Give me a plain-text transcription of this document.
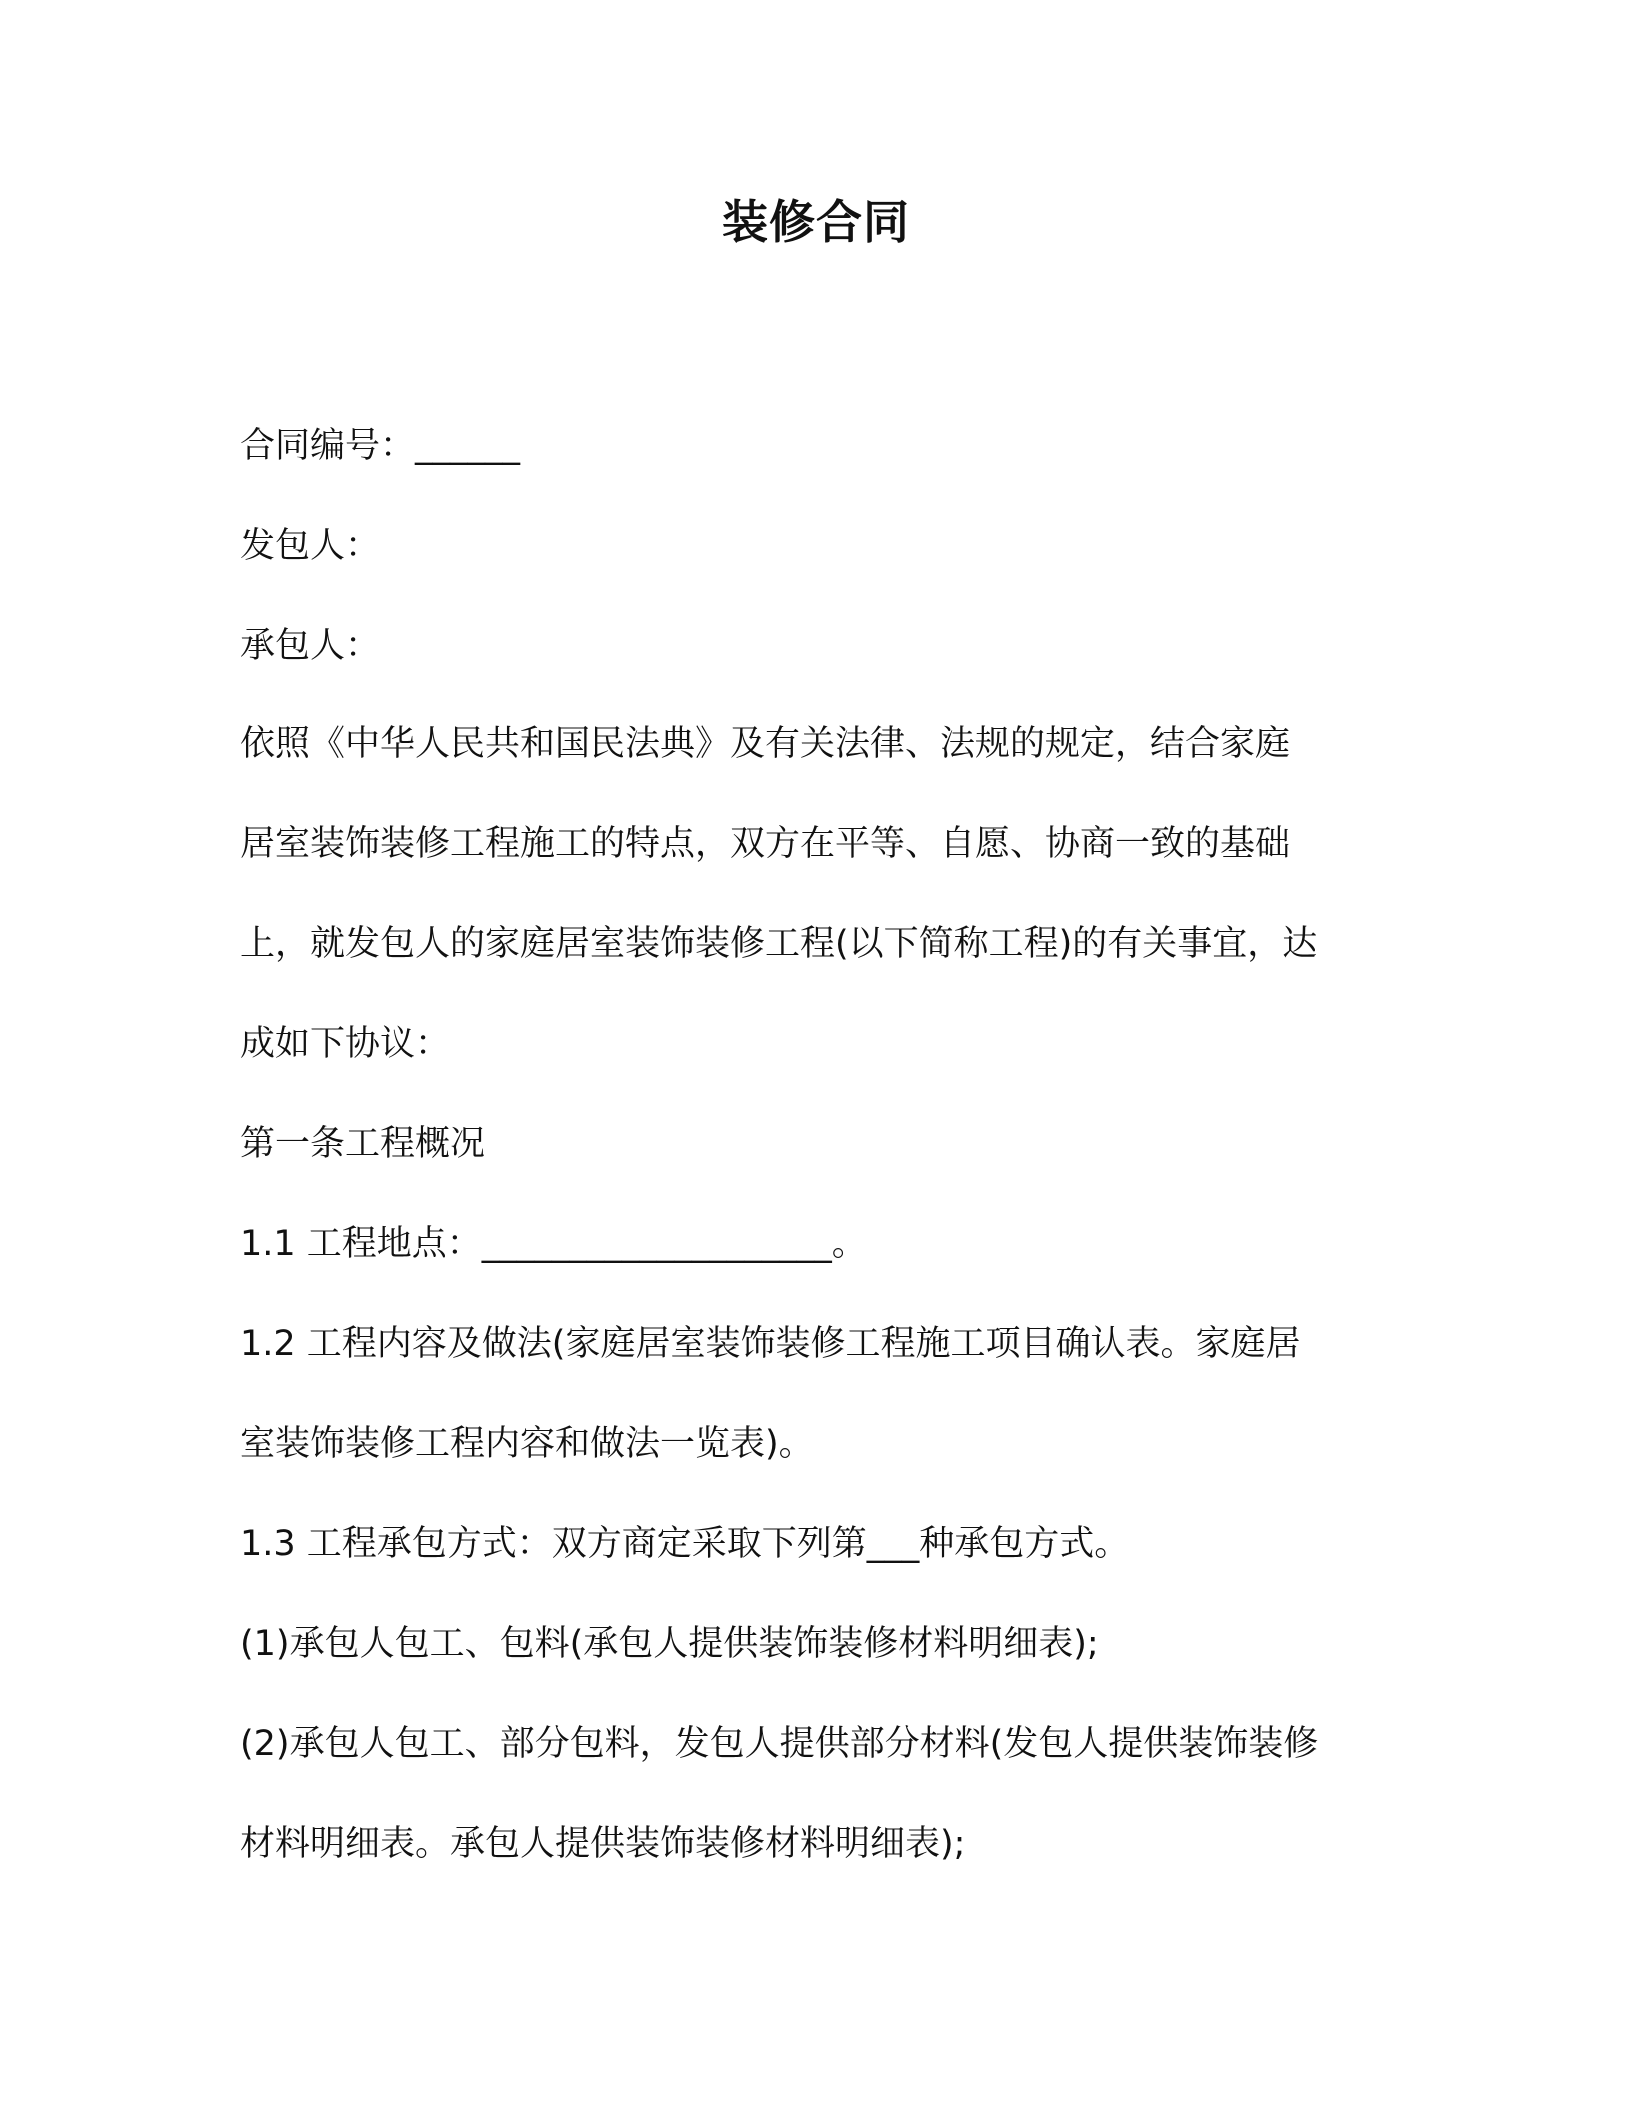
装修合同
合同编号：______
发包人：
承包人：
依照《中华人民共和国民法典》及有关法律、法规的规定，结合家庭
居室装饰装修工程施工的特点，双方在平等、自愿、协商一致的基础
上，就发包人的家庭居室装饰装修工程(以下简称工程)的有关事宜，达
成如下协议：
第一条工程概况
1.1 工程地点：____________________。
1.2 工程内容及做法(家庭居室装饰装修工程施工项目确认表。家庭居
室装饰装修工程内容和做法一览表)。
1.3 工程承包方式：双方商定采取下列第___种承包方式。
(1)承包人包工、包料(承包人提供装饰装修材料明细表);
(2)承包人包工、部分包料，发包人提供部分材料(发包人提供装饰装修
材料明细表。承包人提供装饰装修材料明细表);
